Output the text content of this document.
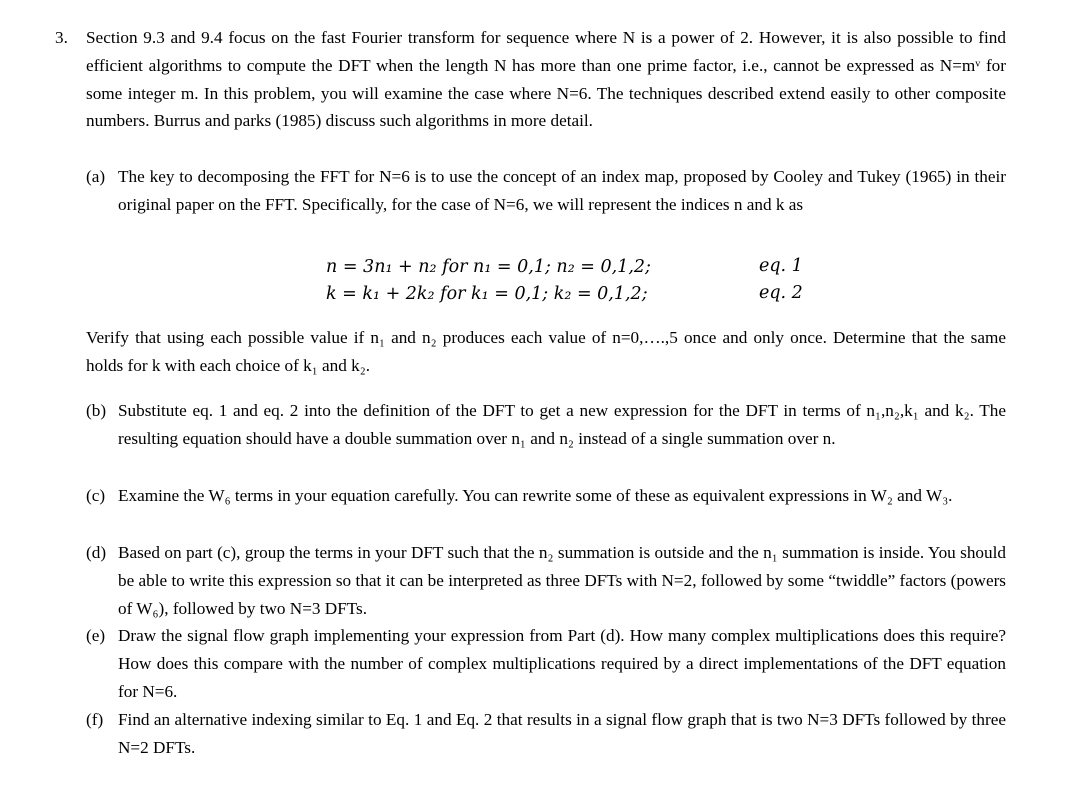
3. Section 9.3 and 9.4 focus on the fast Fourier transform for sequence where N is a power of 2. However, it is also possible to find efficient algorithms to compute the DFT when the length N has more than one prime factor, i.e., cannot be expressed as N=mᵛ for some integer m. In this problem, you will examine the case where N=6. The techniques described extend easily to other composite numbers. Burrus and parks (1985) discuss such algorithms in more detail.

(a) The key to decomposing the FFT for N=6 is to use the concept of an index map, proposed by Cooley and Tukey (1965) in their original paper on the FFT. Specifically, for the case of N=6, we will represent the indices n and k as

n = 3n₁ + n₂ for n₁ = 0,1; n₂ = 0,1,2;	eq. 1
k = k₁ + 2k₂ for k₁ = 0,1; k₂ = 0,1,2;	eq. 2

Verify that using each possible value if n₁ and n₂ produces each value of n=0,….,5 once and only once. Determine that the same holds for k with each choice of k₁ and k₂.

(b) Substitute eq. 1 and eq. 2 into the definition of the DFT to get a new expression for the DFT in terms of n₁,n₂,k₁ and k₂. The resulting equation should have a double summation over n₁ and n₂ instead of a single summation over n.

(c) Examine the W₆ terms in your equation carefully. You can rewrite some of these as equivalent expressions in W₂ and W₃.

(d) Based on part (c), group the terms in your DFT such that the n₂ summation is outside and the n₁ summation is inside. You should be able to write this expression so that it can be interpreted as three DFTs with N=2, followed by some “twiddle” factors (powers of W₆), followed by two N=3 DFTs.

(e) Draw the signal flow graph implementing your expression from Part (d). How many complex multiplications does this require? How does this compare with the number of complex multiplications required by a direct implementations of the DFT equation for N=6.

(f) Find an alternative indexing similar to Eq. 1 and Eq. 2 that results in a signal flow graph that is two N=3 DFTs followed by three N=2 DFTs.
